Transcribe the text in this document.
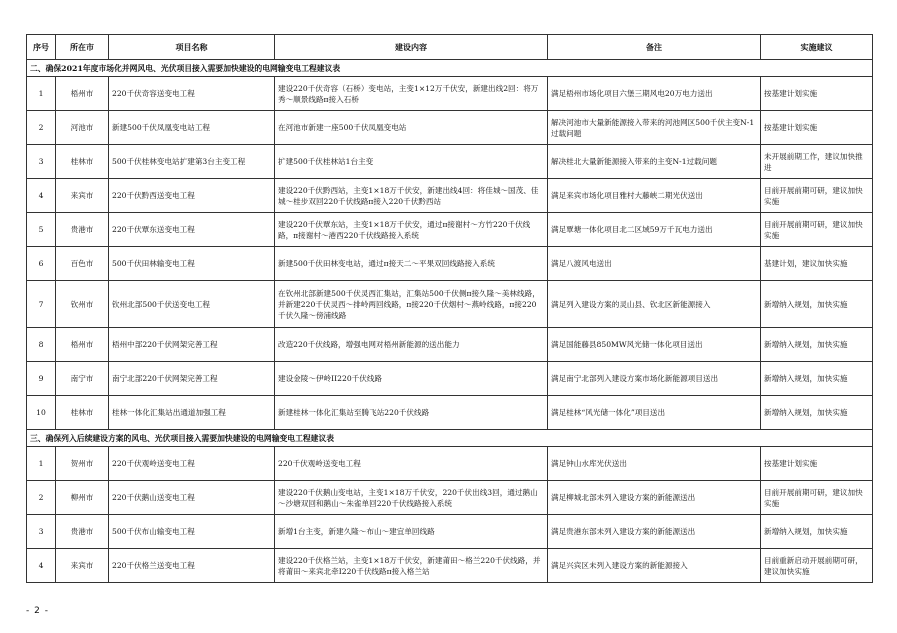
序号	所在市	项目名称	建设内容	备注	实施建议
二、确保2021年度市场化并网风电、光伏项目接入需要加快建设的电网输变电工程建议表					
1	梧州市	220千伏奇容送变电工程	建设220千伏奇容（石桥）变电站，主变1×12万千伏安，新建出线2回：将万秀～顺景线路π接入石桥	满足梧州市场化项目六堡三期风电20万电力送出	按基建计划实施
2	河池市	新建500千伏凤凰变电站工程	在河池市新建一座500千伏凤凰变电站	解决河池市大量新能源接入带来的河池网区500千伏主变N-1过载问题	按基建计划实施
3	桂林市	500千伏桂林变电站扩建第3台主变工程	扩建500千伏桂林站1台主变	解决桂北大量新能源接入带来的主变N-1过载问题	未开展前期工作，建议加快推进
4	来宾市	220千伏黔西送变电工程	建设220千伏黔西站，主变1×18万千伏安，新建出线4回：将佳城～国茂、佳城～桂步双回220千伏线路π接入220千伏黔西站	满足来宾市场化项目雅村大藤峡二期光伏送出	目前开展前期可研，建议加快实施
5	贵港市	220千伏覃东送变电工程	建设220千伏覃东站，主变1×18万千伏安，通过π接谢村～方竹220千伏线路，π接谢村～港西220千伏线路接入系统	满足覃塘一体化项目北二区域59万千瓦电力送出	目前开展前期可研，建议加快实施
6	百色市	500千伏田林输变电工程	新建500千伏田林变电站，通过π接天二～平果双回线路接入系统	满足八渡风电送出	基建计划，建议加快实施
7	钦州市	钦州北部500千伏送变电工程	在钦州北部新建500千伏灵西汇集站，汇集站500千伏侧π接久隆～美林线路，并新建220千伏灵西～排岭两回线路，π接220千伏烟村～燕岭线路，π接220千伏久隆～傍浦线路	满足列入建设方案的灵山县、钦北区新能源接入	新增纳入规划，加快实施
8	梧州市	梧州中部220千伏网架完善工程	改造220千伏线路，增强电网对梧州新能源的送出能力	满足国能藤县850MW风光储一体化项目送出	新增纳入规划，加快实施
9	南宁市	南宁北部220千伏网架完善工程	建设金陵～伊岭II220千伏线路	满足南宁北部列入建设方案市场化新能源项目送出	新增纳入规划，加快实施
10	桂林市	桂林一体化汇集站出通道加强工程	新建桂林一体化汇集站至腾飞站220千伏线路	满足桂林“风光储一体化”项目送出	新增纳入规划，加快实施
三、确保列入后续建设方案的风电、光伏项目接入需要加快建设的电网输变电工程建议表					
1	贺州市	220千伏观岭送变电工程	220千伏观岭送变电工程	满足钟山水库光伏送出	按基建计划实施
2	柳州市	220千伏鹅山送变电工程	建设220千伏鹅山变电站，主变1×18万千伏安，220千伏出线3回，通过鹅山～沙塘双回和鹅山～朱雀单回220千伏线路接入系统	满足柳城北部未列入建设方案的新能源送出	目前开展前期可研，建议加快实施
3	贵港市	500千伏布山输变电工程	新增1台主变，新建久隆～布山～建宜单回线路	满足贵港东部未列入建设方案的新能源送出	新增纳入规划，加快实施
4	来宾市	220千伏格兰送变电工程	建设220千伏格兰站，主变1×18万千伏安，新建莆田～格兰220千伏线路，并将莆田～来宾北牵I220千伏线路π接入格兰站	满足兴宾区未列入建设方案的新能源接入	目前重新启动开展前期可研，建议加快实施
- 2 -
